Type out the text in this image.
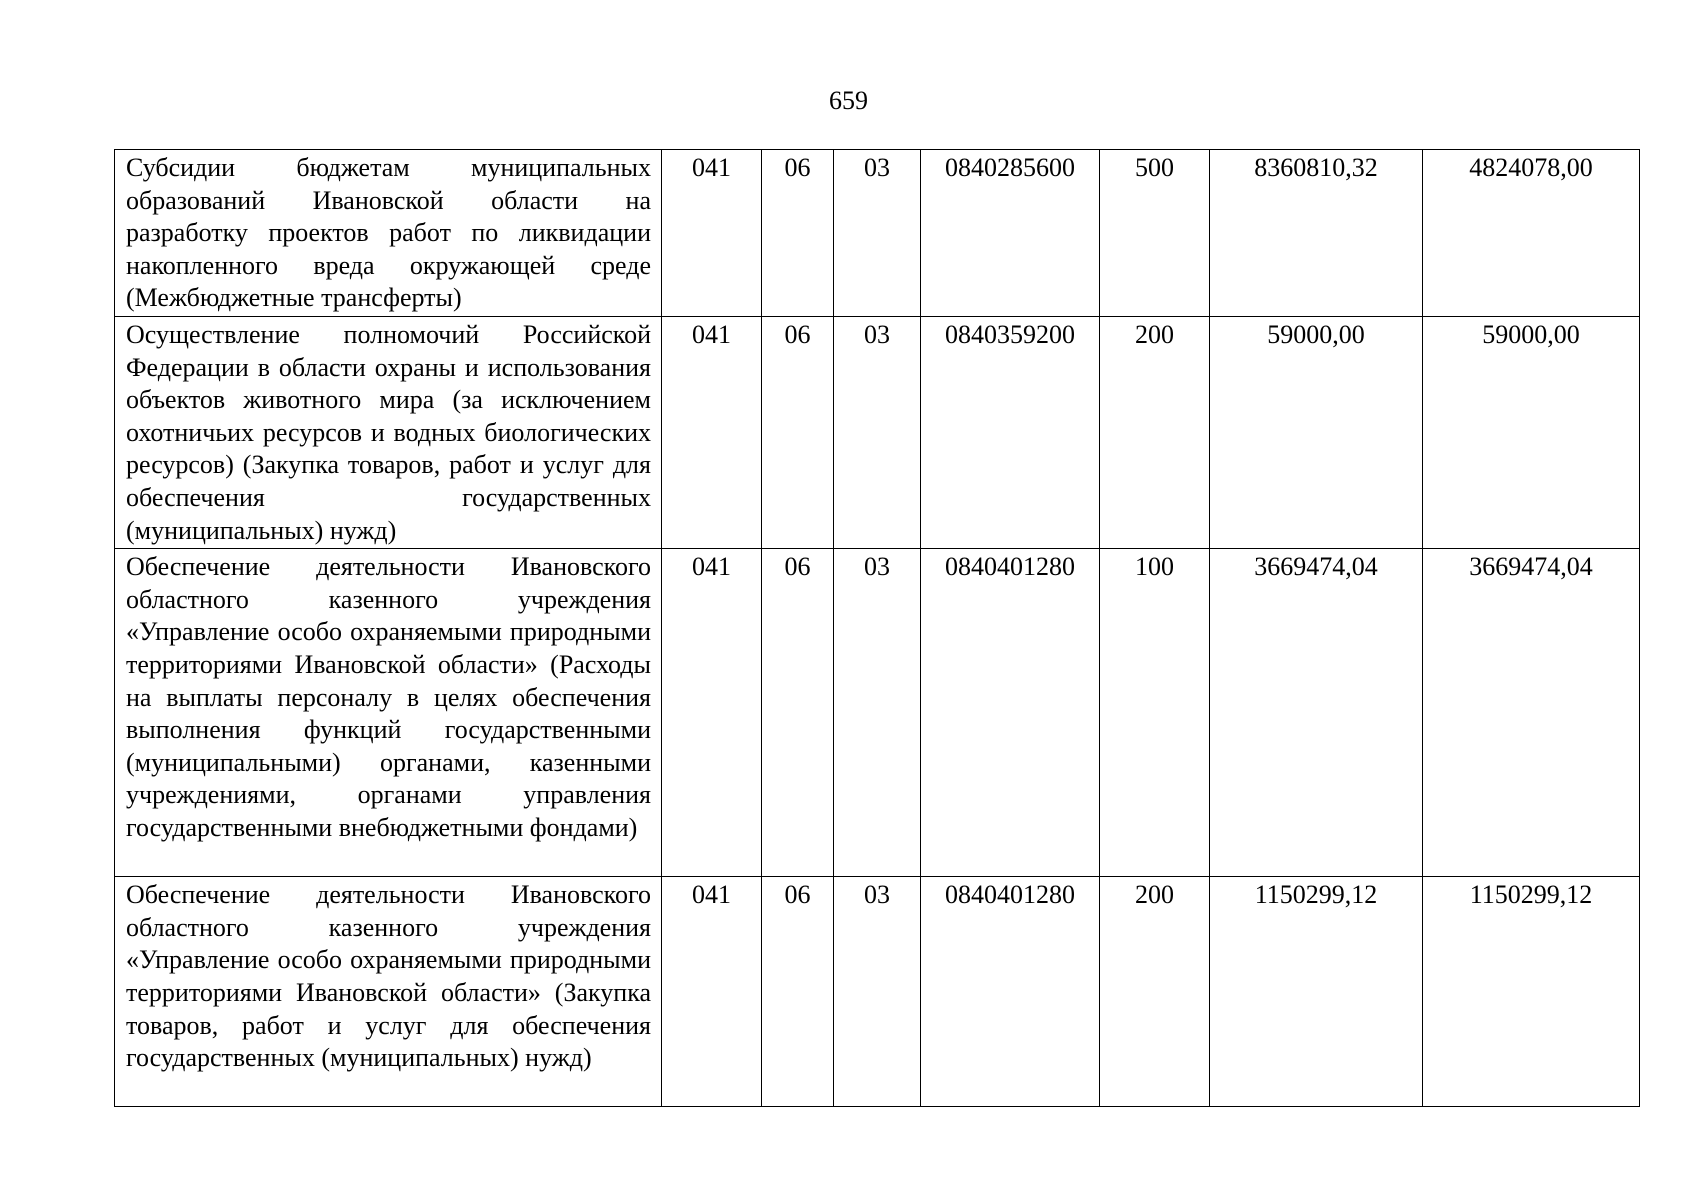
659
Субсидии бюджетам муниципальных образований Ивановской области на разработку проектов работ по ликвидации накопленного вреда окружающей среде (Межбюджетные трансферты)	041	06	03	0840285600	500	8360810,32	4824078,00
Осуществление полномочий Российской Федерации в области охраны и использования объектов животного мира (за исключением охотничьих ресурсов и водных биологических ресурсов) (Закупка товаров, работ и услуг для обеспечения государственных (муниципальных) нужд)	041	06	03	0840359200	200	59000,00	59000,00
Обеспечение деятельности Ивановского областного казенного учреждения «Управление особо охраняемыми природными территориями Ивановской области» (Расходы на выплаты персоналу в целях обеспечения выполнения функций государственными (муниципальными) органами, казенными учреждениями, органами управления государственными внебюджетными фондами)	041	06	03	0840401280	100	3669474,04	3669474,04
Обеспечение деятельности Ивановского областного казенного учреждения «Управление особо охраняемыми природными территориями Ивановской области» (Закупка товаров, работ и услуг для обеспечения государственных (муниципальных) нужд)	041	06	03	0840401280	200	1150299,12	1150299,12
